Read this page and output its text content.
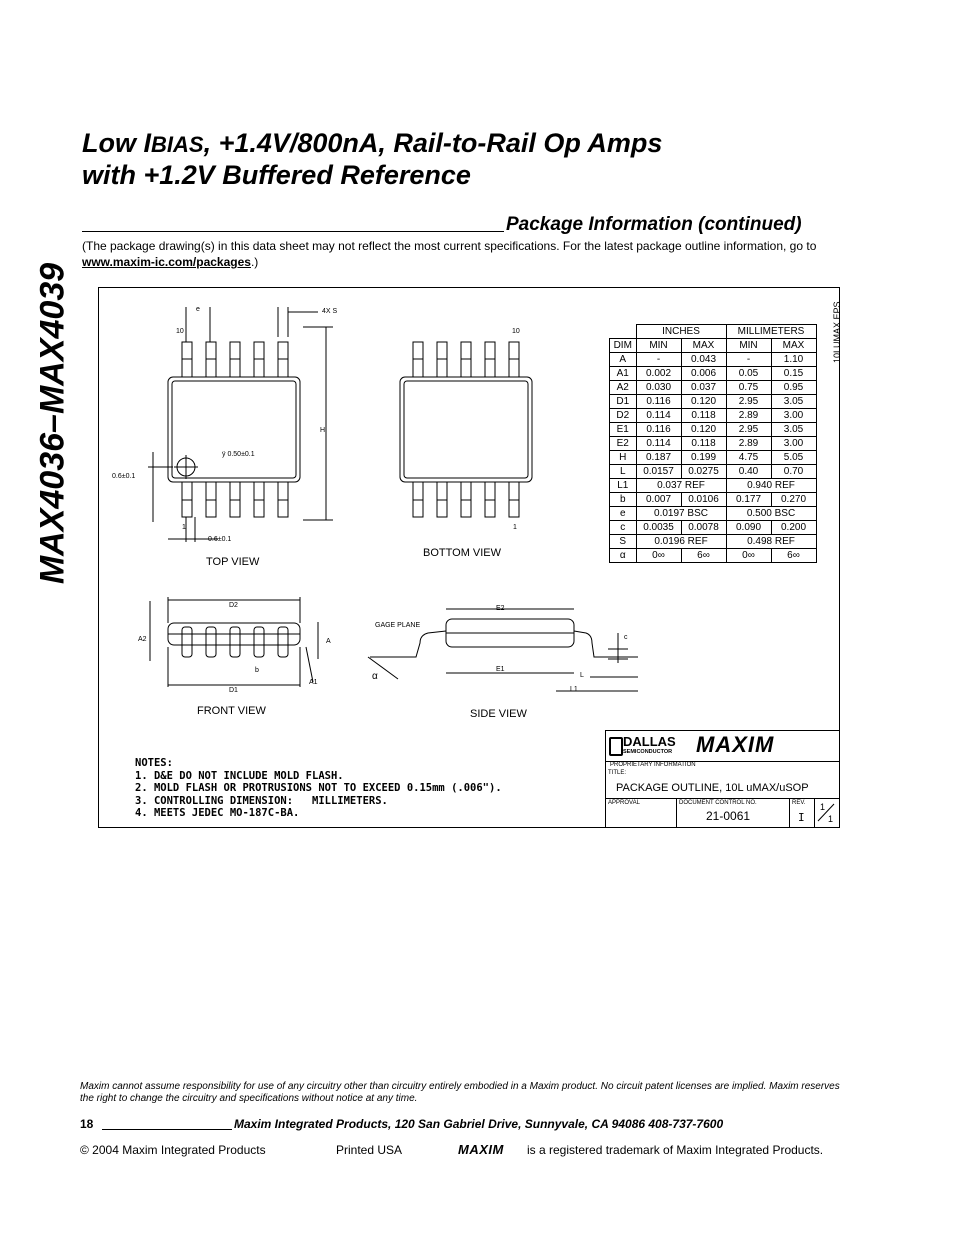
MAX4036–MAX4039
Low IBIAS, +1.4V/800nA, Rail-to-Rail Op Amps
with +1.2V Buffered Reference
Package Information (continued)
(The package drawing(s) in this data sheet may not reflect the most current specifications. For the latest package outline information, go to www.maxim-ic.com/packages.)
e	4X S
10
1
H
ÿ 0.50±0.1
0.6±0.1
0.6±0.1
TOP VIEW
10
1
BOTTOM VIEW
D2
D1
A2	A
A1
b
FRONT VIEW
E2
E1
GAGE PLANE
α
c
L
L1
SIDE VIEW
10LUMAX.EPS
	INCHES		MILLIMETERS	
DIM	MIN	MAX	MIN	MAX
A	-	0.043	-	1.10
A1	0.002	0.006	0.05	0.15
A2	0.030	0.037	0.75	0.95
D1	0.116	0.120	2.95	3.05
D2	0.114	0.118	2.89	3.00
E1	0.116	0.120	2.95	3.05
E2	0.114	0.118	2.89	3.00
H	0.187	0.199	4.75	5.05
L	0.0157	0.0275	0.40	0.70
L1	0.037 REF		0.940 REF	
b	0.007	0.0106	0.177	0.270
e	0.0197 BSC		0.500 BSC	
c	0.0035	0.0078	0.090	0.200
S	0.0196 REF		0.498 REF	
α	0∞	6∞	0∞	6∞
NOTES:
1. D&E DO NOT INCLUDE MOLD FLASH.
2. MOLD FLASH OR PROTRUSIONS NOT TO EXCEED 0.15mm (.006").
3. CONTROLLING DIMENSION:   MILLIMETERS.
4. MEETS JEDEC MO-187C-BA.
DALLAS
SEMICONDUCTOR MAXIM
PROPRIETARY INFORMATION
TITLE:
PACKAGE OUTLINE, 10L uMAX/uSOP
APPROVAL	DOCUMENT CONTROL NO.
21-0061
REV.
I
1
1
Maxim cannot assume responsibility for use of any circuitry other than circuitry entirely embodied in a Maxim product. No circuit patent licenses are implied. Maxim reserves the right to change the circuitry and specifications without notice at any time.
18	Maxim Integrated Products, 120 San Gabriel Drive, Sunnyvale, CA 94086 408-737-7600
© 2004 Maxim Integrated Products	Printed USA	MAXIM is a registered trademark of Maxim Integrated Products.
